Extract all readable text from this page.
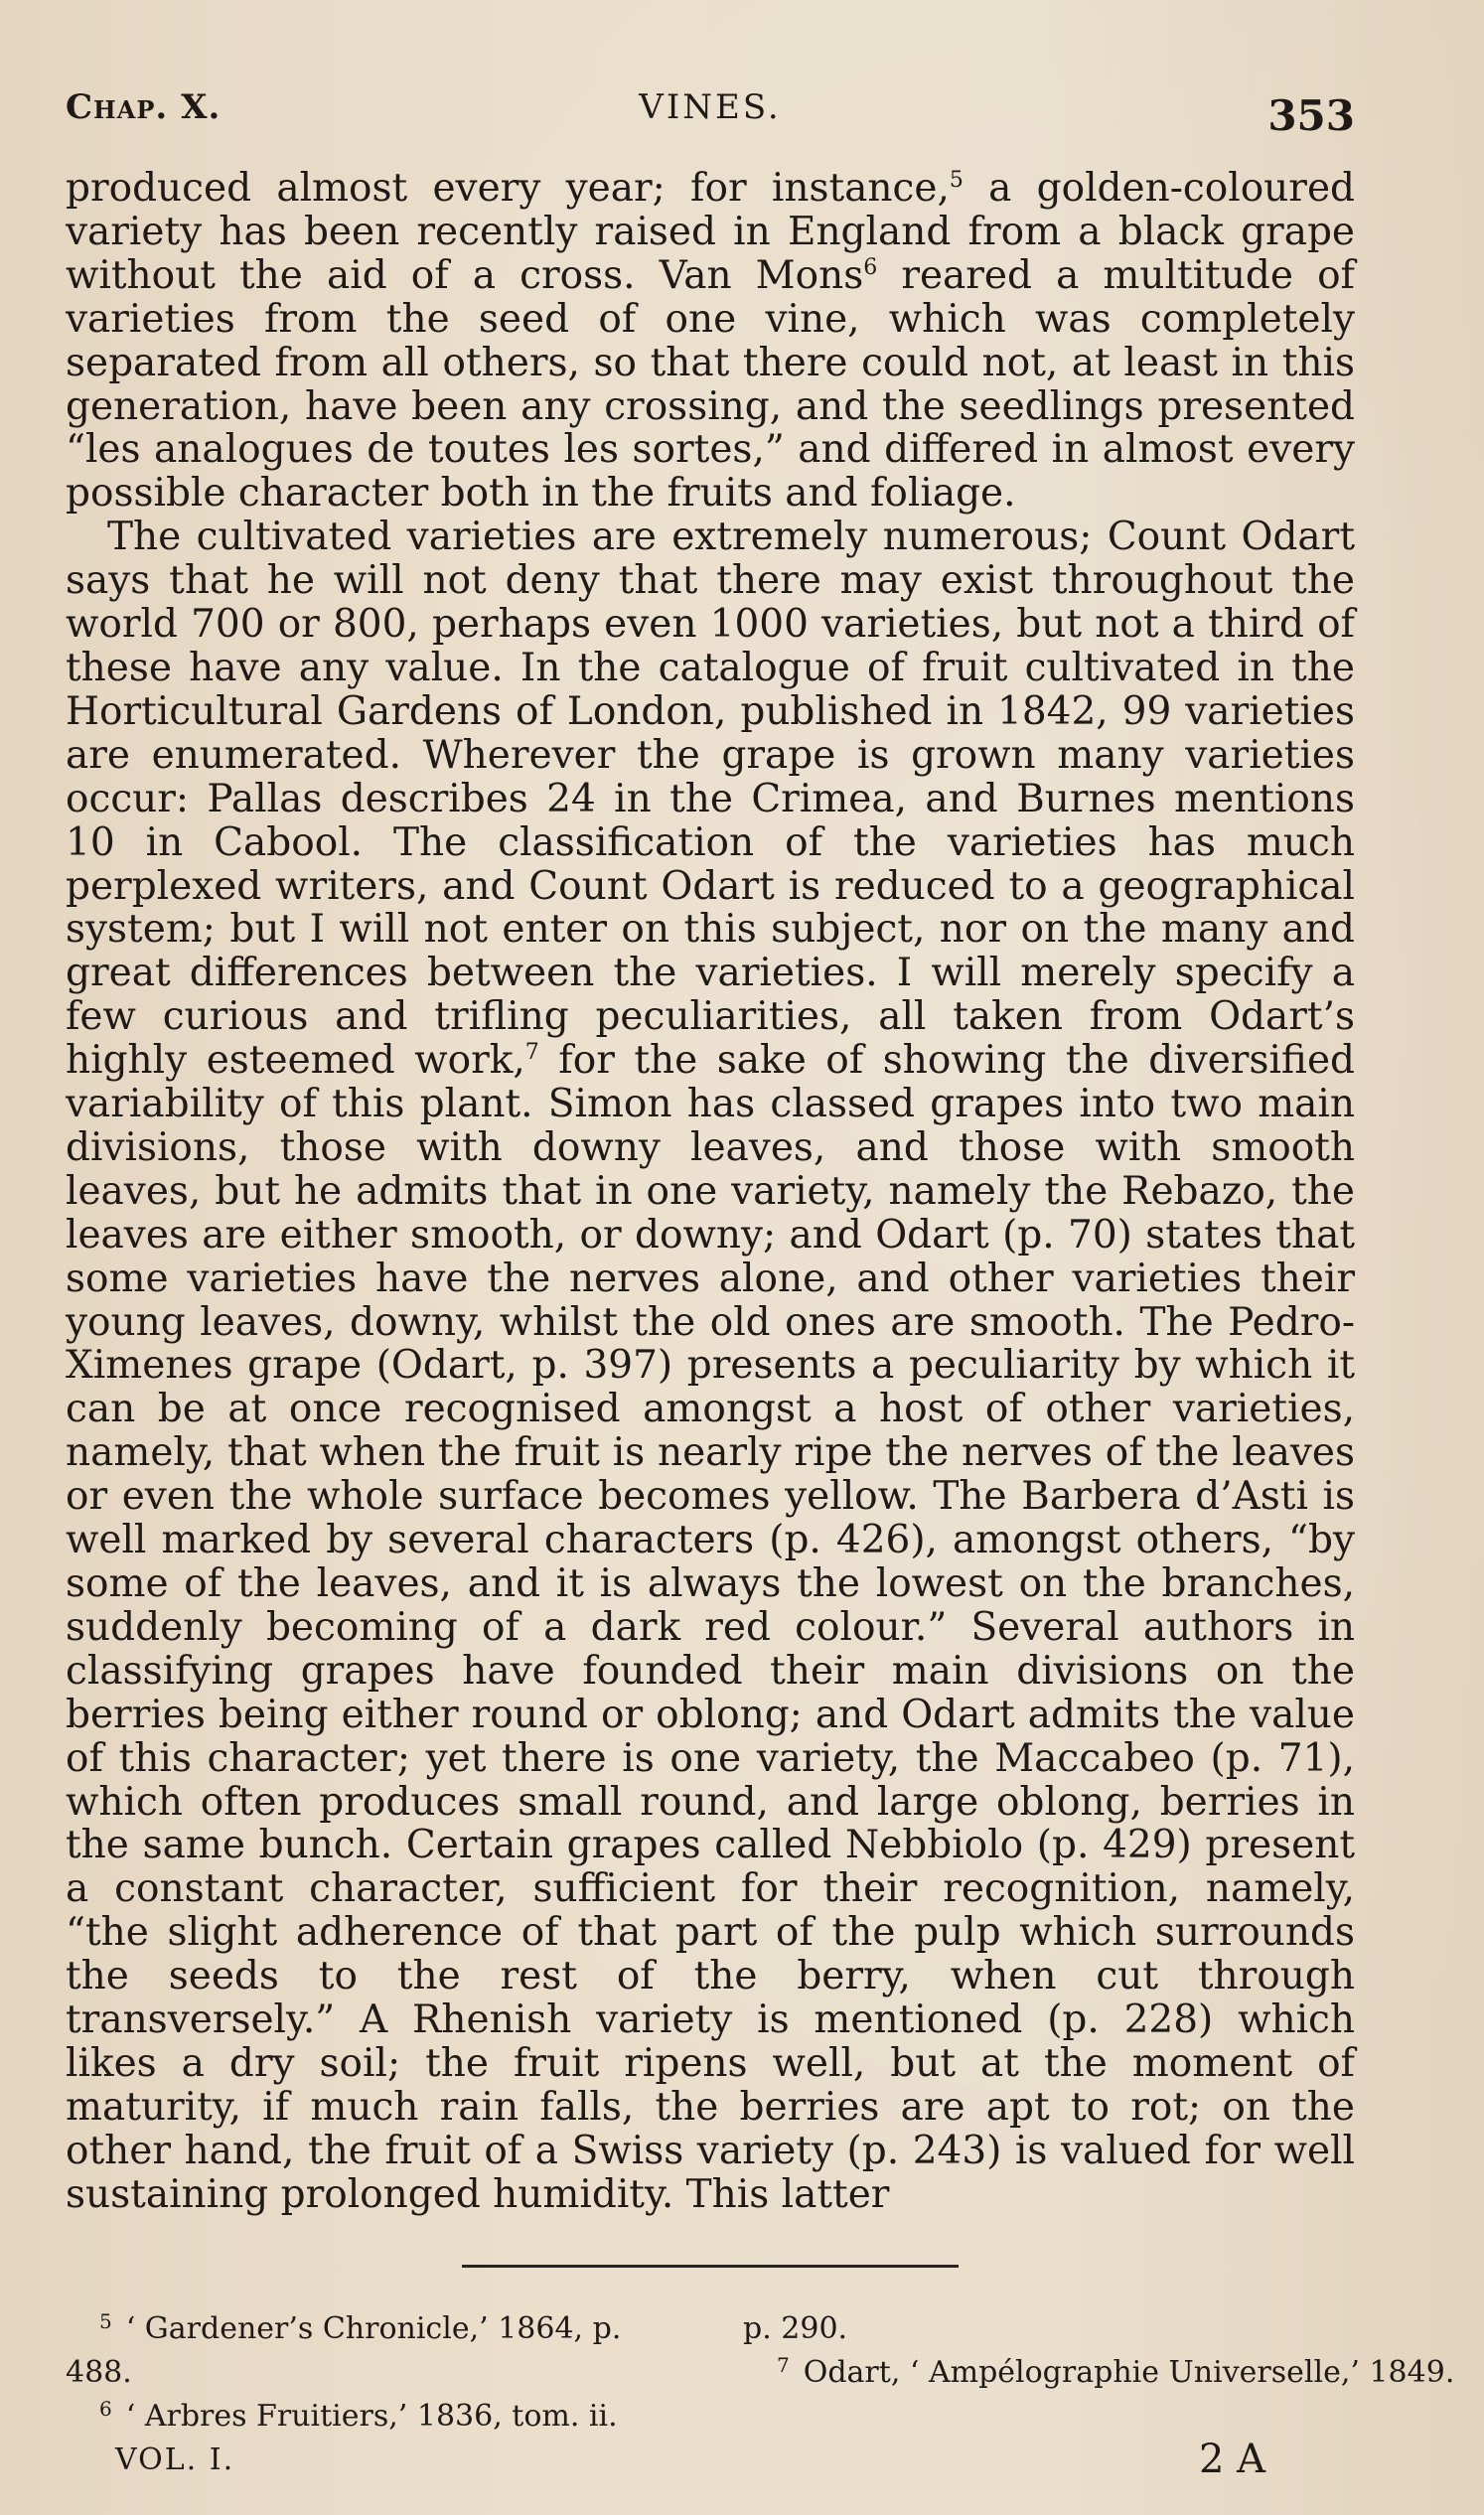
Chap. X.	VINES.	353

produced almost every year; for instance,$^5$ a golden-coloured variety has been recently raised in England from a black grape without the aid of a cross. Van Mons$^6$ reared a multitude of varieties from the seed of one vine, which was completely separated from all others, so that there could not, at least in this generation, have been any crossing, and the seedlings presented “les analogues de toutes les sortes,” and differed in almost every possible character both in the fruits and foliage.

The cultivated varieties are extremely numerous; Count Odart says that he will not deny that there may exist throughout the world 700 or 800, perhaps even 1000 varieties, but not a third of these have any value. In the catalogue of fruit cultivated in the Horticultural Gardens of London, published in 1842, 99 varieties are enumerated. Wherever the grape is grown many varieties occur: Pallas describes 24 in the Crimea, and Burnes mentions 10 in Cabool. The classification of the varieties has much perplexed writers, and Count Odart is reduced to a geographical system; but I will not enter on this subject, nor on the many and great differences between the varieties. I will merely specify a few curious and trifling peculiarities, all taken from Odart’s highly esteemed work,$^7$ for the sake of showing the diversified variability of this plant. Simon has classed grapes into two main divisions, those with downy leaves, and those with smooth leaves, but he admits that in one variety, namely the Rebazo, the leaves are either smooth, or downy; and Odart (p. 70) states that some varieties have the nerves alone, and other varieties their young leaves, downy, whilst the old ones are smooth. The Pedro-Ximenes grape (Odart, p. 397) presents a peculiarity by which it can be at once recognised amongst a host of other varieties, namely, that when the fruit is nearly ripe the nerves of the leaves or even the whole surface becomes yellow. The Barbera d’Asti is well marked by several characters (p. 426), amongst others, “by some of the leaves, and it is always the lowest on the branches, suddenly becoming of a dark red colour.” Several authors in classifying grapes have founded their main divisions on the berries being either round or oblong; and Odart admits the value of this character; yet there is one variety, the Maccabeo (p. 71), which often produces small round, and large oblong, berries in the same bunch. Certain grapes called Nebbiolo (p. 429) present a constant character, sufficient for their recognition, namely, “the slight adherence of that part of the pulp which surrounds the seeds to the rest of the berry, when cut through transversely.” A Rhenish variety is mentioned (p. 228) which likes a dry soil; the fruit ripens well, but at the moment of maturity, if much rain falls, the berries are apt to rot; on the other hand, the fruit of a Swiss variety (p. 243) is valued for well sustaining prolonged humidity. This latter

$^5$ ‘ Gardener’s Chronicle,’ 1864, p.
488.
$^6$ ‘ Arbres Fruitiers,’ 1836, tom. ii.
p. 290.
$^7$ Odart, ‘ Ampélographie Universelle,’ 1849.
VOL. I.	2 A
